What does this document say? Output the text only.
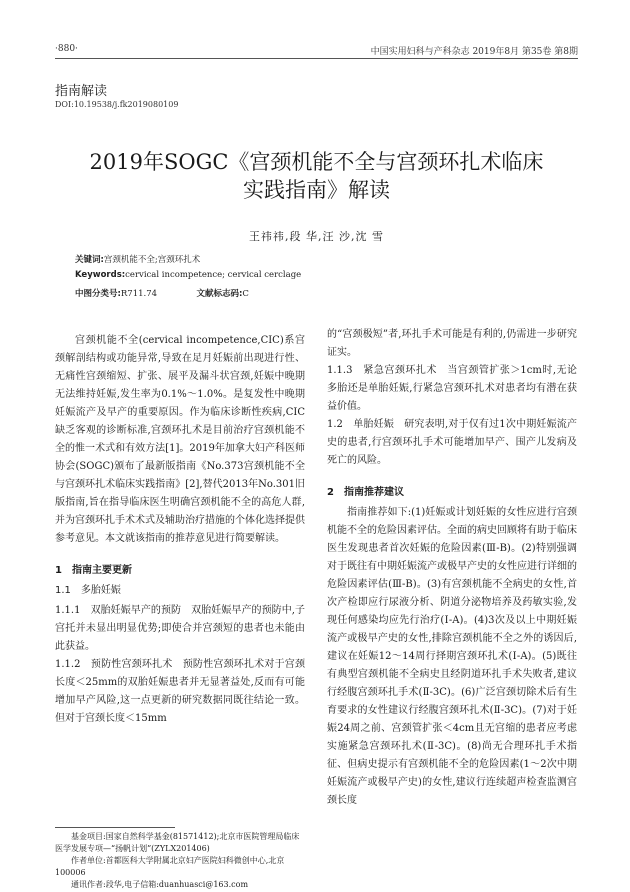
·880·	中国实用妇科与产科杂志 2019年8月 第35卷 第8期
指南解读
DOI:10.19538/j.fk2019080109
2019年SOGC《宫颈机能不全与宫颈环扎术临床
实践指南》解读
王祎祎,段 华,汪 沙,沈 雪
关键词:宫颈机能不全;宫颈环扎术
Keywords:cervical incompetence; cervical cerclage
中图分类号:R711.74	文献标志码:C

宫颈机能不全(cervical incompetence,CIC)系宫颈解剖结构或功能异常,导致在足月妊娠前出现进行性、无痛性宫颈缩短、扩张、展平及漏斗状宫颈,妊娠中晚期无法维持妊娠,发生率为0.1%～1.0%。是复发性中晚期妊娠流产及早产的重要原因。作为临床诊断性疾病,CIC缺乏客观的诊断标准,宫颈环扎术是目前治疗宫颈机能不全的惟一术式和有效方法[1]。2019年加拿大妇产科医师协会(SOGC)颁布了最新版指南《No.373宫颈机能不全与宫颈环扎术临床实践指南》[2],替代2013年No.301旧版指南,旨在指导临床医生明确宫颈机能不全的高危人群,并为宫颈环扎手术术式及辅助治疗措施的个体化选择提供参考意见。本文就该指南的推荐意见进行简要解读。

1　指南主要更新
1.1　多胎妊娠

1.1.1　双胎妊娠早产的预防　双胎妊娠早产的预防中,子宫托并未显出明显优势;即使合并宫颈短的患者也未能由此获益。

1.1.2　预防性宫颈环扎术　预防性宫颈环扎术对于宫颈长度＜25mm的双胎妊娠患者并无显著益处,反而有可能增加早产风险,这一点更新的研究数据同既往结论一致。但对于宫颈长度＜15mm

的“宫颈极短”者,环扎手术可能是有利的,仍需进一步研究证实。

1.1.3　紧急宫颈环扎术　当宫颈管扩张＞1cm时,无论多胎还是单胎妊娠,行紧急宫颈环扎术对患者均有潜在获益价值。

1.2　单胎妊娠　研究表明,对于仅有过1次中期妊娠流产史的患者,行宫颈环扎手术可能增加早产、围产儿发病及死亡的风险。

2　指南推荐建议

指南推荐如下:(1)妊娠或计划妊娠的女性应进行宫颈机能不全的危险因素评估。全面的病史回顾将有助于临床医生发现患者首次妊娠的危险因素(Ⅲ-B)。(2)特别强调对于既往有中期妊娠流产或极早产史的女性应进行详细的危险因素评估(Ⅲ-B)。(3)有宫颈机能不全病史的女性,首次产检即应行尿液分析、阴道分泌物培养及药敏实验,发现任何感染均应先行治疗(Ⅰ-A)。(4)3次及以上中期妊娠流产或极早产史的女性,排除宫颈机能不全之外的诱因后,建议在妊娠12～14周行择期宫颈环扎术(Ⅰ-A)。(5)既往有典型宫颈机能不全病史且经阴道环扎手术失败者,建议行经腹宫颈环扎手术(Ⅱ-3C)。(6)广泛宫颈切除术后有生育要求的女性建议行经腹宫颈环扎术(Ⅱ-3C)。(7)对于妊娠24周之前、宫颈管扩张＜4cm且无宫缩的患者应考虑实施紧急宫颈环扎术(Ⅱ-3C)。(8)尚无合理环扎手术指征、但病史提示有宫颈机能不全的危险因素(1～2次中期妊娠流产或极早产史)的女性,建议行连续超声检查监测宫颈长度

基金项目:国家自然科学基金(81571412);北京市医院管理局临床医学发展专项—“扬帆计划”(ZYLX201406)
作者单位:首都医科大学附属北京妇产医院妇科微创中心,北京 100006
通讯作者:段华,电子信箱:duanhuasci@163.com
